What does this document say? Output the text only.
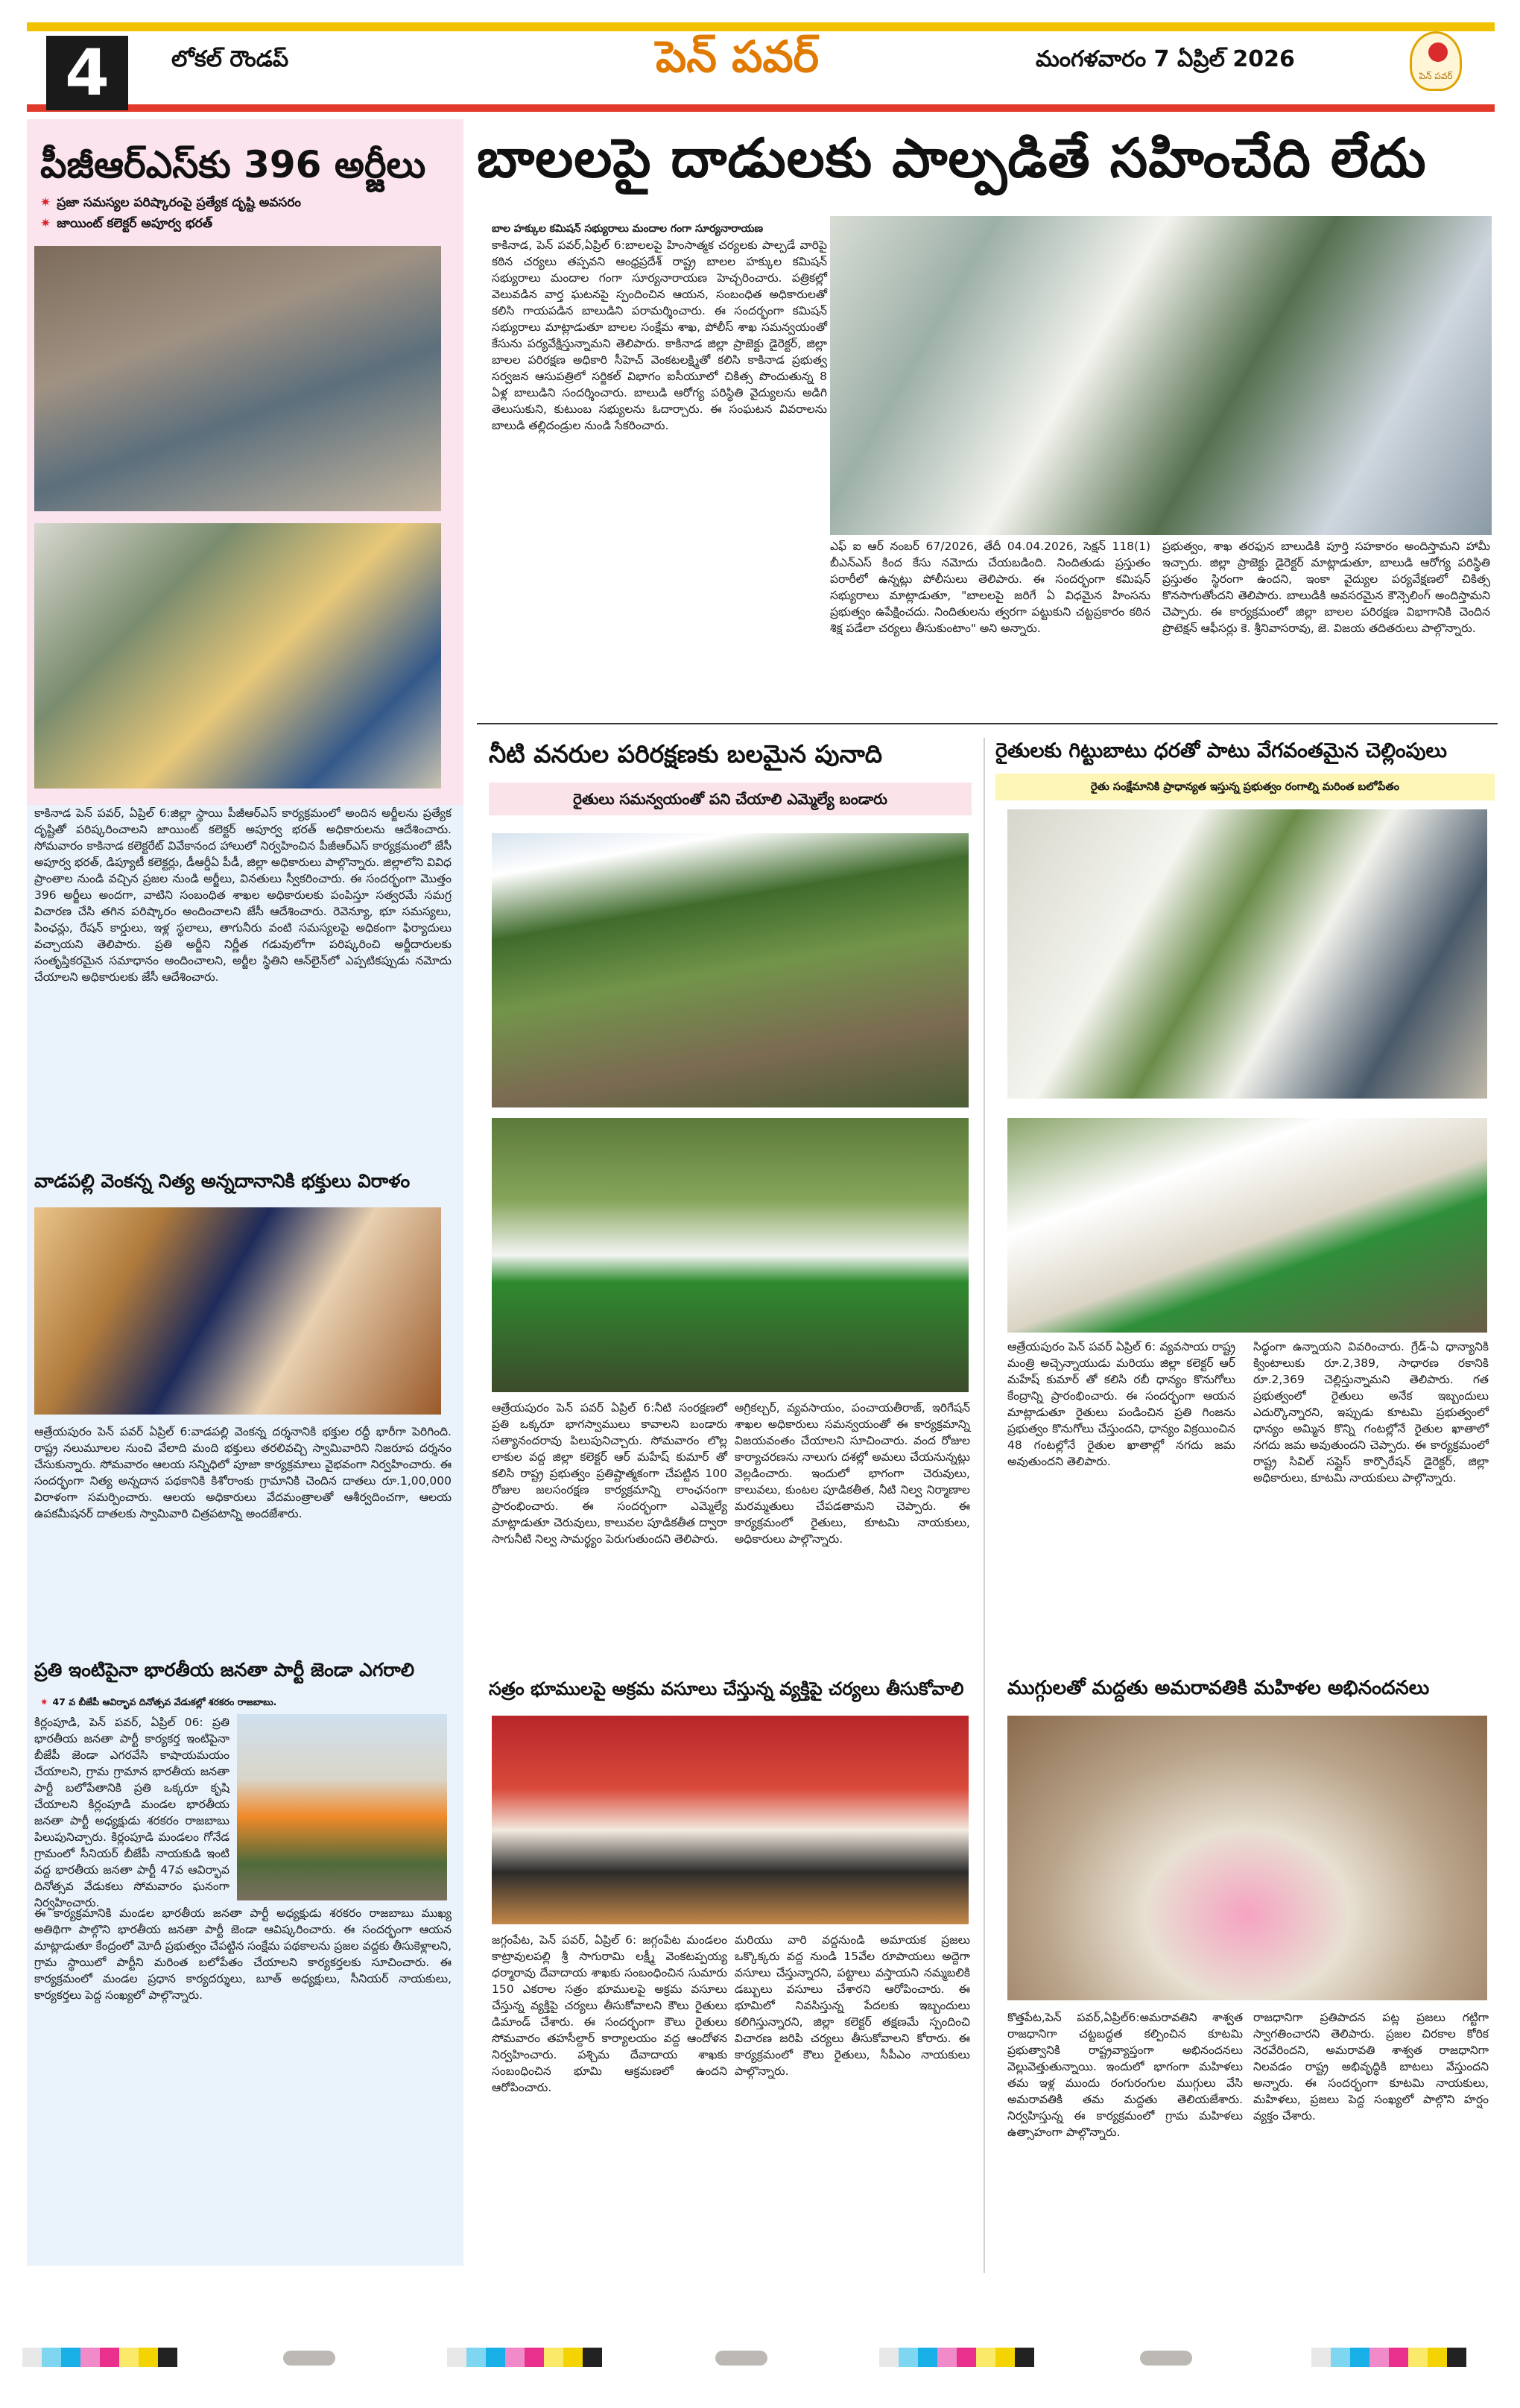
4	లోకల్ రౌండప్	పెన్ పవర్	మంగళవారం 7 ఏప్రిల్ 2026
పెన్ పవర్
పీజీఆర్ఎస్‌కు 396 అర్జీలు
✷ ప్రజా సమస్యల పరిష్కారంపై ప్రత్యేక దృష్టి అవసరం
✷ జాయింట్ కలెక్టర్ అపూర్వ భరత్
కాకినాడ పెన్ పవర్, ఏప్రిల్ 6:జిల్లా స్థాయి పీజీఆర్ఎస్ కార్యక్రమంలో అందిన అర్జీలను ప్రత్యేక దృష్టితో పరిష్కరించాలని జాయింట్ కలెక్టర్ అపూర్వ భరత్ అధికారులను ఆదేశించారు. సోమవారం కాకినాడ కలెక్టరేట్ వివేకానంద హాలులో నిర్వహించిన పీజీఆర్ఎస్ కార్యక్రమంలో జేసీ అపూర్వ భరత్, డిప్యూటీ కలెక్టర్లు, డీఆర్డీఏ పీడీ, జిల్లా అధికారులు పాల్గొన్నారు. జిల్లాలోని వివిధ ప్రాంతాల నుండి వచ్చిన ప్రజల నుండి అర్జీలు, వినతులు స్వీకరించారు. ఈ సందర్భంగా మొత్తం 396 అర్జీలు అందగా, వాటిని సంబంధిత శాఖల అధికారులకు పంపిస్తూ సత్వరమే సమగ్ర విచారణ చేసి తగిన పరిష్కారం అందించాలని జేసీ ఆదేశించారు. రెవెన్యూ, భూ సమస్యలు, పింఛన్లు, రేషన్ కార్డులు, ఇళ్ల స్థలాలు, తాగునీరు వంటి సమస్యలపై అధికంగా ఫిర్యాదులు వచ్చాయని తెలిపారు. ప్రతి అర్జీని నిర్ణీత గడువులోగా పరిష్కరించి అర్జీదారులకు సంతృప్తికరమైన సమాధానం అందించాలని, అర్జీల స్థితిని ఆన్‌లైన్‌లో ఎప్పటికప్పుడు నమోదు చేయాలని అధికారులకు జేసీ ఆదేశించారు.
వాడపల్లి వెంకన్న నిత్య అన్నదానానికి భక్తులు విరాళం
ఆత్రేయపురం పెన్ పవర్ ఏప్రిల్ 6:వాడపల్లి వెంకన్న దర్శనానికి భక్తుల రద్దీ భారీగా పెరిగింది. రాష్ట్ర నలుమూలల నుంచి వేలాది మంది భక్తులు తరలివచ్చి స్వామివారిని నిజరూప దర్శనం చేసుకున్నారు. సోమవారం ఆలయ సన్నిధిలో పూజా కార్యక్రమాలు వైభవంగా నిర్వహించారు. ఈ సందర్భంగా నిత్య అన్నదాన పథకానికి కిశోరాంకు గ్రామానికి చెందిన దాతలు రూ.1,00,000 విరాళంగా సమర్పించారు. ఆలయ అధికారులు వేదమంత్రాలతో ఆశీర్వదించగా, ఆలయ ఉపకమీషనర్ దాతలకు స్వామివారి చిత్రపటాన్ని అందజేశారు.
ప్రతి ఇంటిపైనా భారతీయ జనతా పార్టీ జెండా ఎగరాలి
✷ 47 వ బీజేపీ ఆవిర్భావ దినోత్సవ వేడుకల్లో శరకరం రాజబాబు.
కిర్లంపూడి, పెన్ పవర్, ఏప్రిల్ 06: ప్రతి భారతీయ జనతా పార్టీ కార్యకర్త ఇంటిపైనా బీజేపీ జెండా ఎగరవేసి కాషాయమయం చేయాలని, గ్రామ గ్రామాన భారతీయ జనతా పార్టీ బలోపేతానికి ప్రతి ఒక్కరూ కృషి చేయాలని కిర్లంపూడి మండల భారతీయ జనతా పార్టీ అధ్యక్షుడు శరకరం రాజబాబు పిలుపునిచ్చారు. కిర్లంపూడి మండలం గోనేడ గ్రామంలో సీనియర్ బీజేపీ నాయకుడి ఇంటి వద్ద భారతీయ జనతా పార్టీ 47వ ఆవిర్భావ దినోత్సవ వేడుకలు సోమవారం ఘనంగా నిర్వహించారు.
ఈ కార్యక్రమానికి మండల భారతీయ జనతా పార్టీ అధ్యక్షుడు శరకరం రాజబాబు ముఖ్య అతిథిగా పాల్గొని భారతీయ జనతా పార్టీ జెండా ఆవిష్కరించారు. ఈ సందర్భంగా ఆయన మాట్లాడుతూ కేంద్రంలో మోదీ ప్రభుత్వం చేపట్టిన సంక్షేమ పథకాలను ప్రజల వద్దకు తీసుకెళ్లాలని, గ్రామ స్థాయిలో పార్టీని మరింత బలోపేతం చేయాలని కార్యకర్తలకు సూచించారు. ఈ కార్యక్రమంలో మండల ప్రధాన కార్యదర్శులు, బూత్ అధ్యక్షులు, సీనియర్ నాయకులు, కార్యకర్తలు పెద్ద సంఖ్యలో పాల్గొన్నారు.
బాలలపై దాడులకు పాల్పడితే సహించేది లేదు
బాల హక్కుల కమిషన్ సభ్యురాలు మందాల గంగా సూర్యనారాయణ
కాకినాడ, పెన్ పవర్,ఏప్రిల్ 6:బాలలపై హింసాత్మక చర్యలకు పాల్పడే వారిపై కఠిన చర్యలు తప్పవని ఆంధ్రప్రదేశ్ రాష్ట్ర బాలల హక్కుల కమిషన్ సభ్యురాలు మందాల గంగా సూర్యనారాయణ హెచ్చరించారు. పత్రికల్లో వెలువడిన వార్త ఘటనపై స్పందించిన ఆయన, సంబంధిత అధికారులతో కలిసి గాయపడిన బాలుడిని పరామర్శించారు. ఈ సందర్భంగా కమిషన్ సభ్యురాలు మాట్లాడుతూ బాలల సంక్షేమ శాఖ, పోలీస్ శాఖ సమన్వయంతో కేసును పర్యవేక్షిస్తున్నామని తెలిపారు. కాకినాడ జిల్లా ప్రాజెక్టు డైరెక్టర్, జిల్లా బాలల పరిరక్షణ అధికారి సీహెచ్ వెంకటలక్ష్మితో కలిసి కాకినాడ ప్రభుత్వ సర్వజన ఆసుపత్రిలో సర్జికల్ విభాగం ఐసీయూలో చికిత్స పొందుతున్న 8 ఏళ్ల బాలుడిని సందర్శించారు. బాలుడి ఆరోగ్య పరిస్థితి వైద్యులను అడిగి తెలుసుకుని, కుటుంబ సభ్యులను ఓదార్చారు. ఈ సంఘటన వివరాలను బాలుడి తల్లిదండ్రుల నుండి సేకరించారు.
ఎఫ్ ఐ ఆర్ నంబర్ 67/2026, తేదీ 04.04.2026, సెక్షన్ 118(1) బీఎన్ఎస్ కింద కేసు నమోదు చేయబడింది. నిందితుడు ప్రస్తుతం పరారీలో ఉన్నట్లు పోలీసులు తెలిపారు. ఈ సందర్భంగా కమిషన్ సభ్యురాలు మాట్లాడుతూ, "బాలలపై జరిగే ఏ విధమైన హింసను ప్రభుత్వం ఉపేక్షించదు. నిందితులను త్వరగా పట్టుకుని చట్టప్రకారం కఠిన శిక్ష పడేలా చర్యలు తీసుకుంటాం" అని అన్నారు.
ప్రభుత్వం, శాఖ తరఫున బాలుడికి పూర్తి సహకారం అందిస్తామని హామీ ఇచ్చారు. జిల్లా ప్రాజెక్టు డైరెక్టర్ మాట్లాడుతూ, బాలుడి ఆరోగ్య పరిస్థితి ప్రస్తుతం స్థిరంగా ఉందని, ఇంకా వైద్యుల పర్యవేక్షణలో చికిత్స కొనసాగుతోందని తెలిపారు. బాలుడికి అవసరమైన కౌన్సెలింగ్ అందిస్తామని చెప్పారు. ఈ కార్యక్రమంలో జిల్లా బాలల పరిరక్షణ విభాగానికి చెందిన ప్రొటెక్షన్ ఆఫీసర్లు కె. శ్రీనివాసరావు, జె. విజయ తదితరులు పాల్గొన్నారు.
నీటి వనరుల పరిరక్షణకు బలమైన పునాది
రైతులు సమన్వయంతో పని చేయాలి ఎమ్మెల్యే బండారు
ఆత్రేయపురం పెన్ పవర్ ఏప్రిల్ 6:నీటి సంరక్షణలో ప్రతి ఒక్కరూ భాగస్వాములు కావాలని బండారు సత్యానందరావు పిలుపునిచ్చారు. సోమవారం లొల్ల లాకుల వద్ద జిల్లా కలెక్టర్ ఆర్ మహేష్ కుమార్ తో కలిసి రాష్ట్ర ప్రభుత్వం ప్రతిష్టాత్మకంగా చేపట్టిన 100 రోజుల జలసంరక్షణ కార్యక్రమాన్ని లాంఛనంగా ప్రారంభించారు. ఈ సందర్భంగా ఎమ్మెల్యే మాట్లాడుతూ చెరువులు, కాలువల పూడికతీత ద్వారా సాగునీటి నిల్వ సామర్థ్యం పెరుగుతుందని తెలిపారు.
అగ్రికల్చర్, వ్యవసాయం, పంచాయతీరాజ్, ఇరిగేషన్ శాఖల అధికారులు సమన్వయంతో ఈ కార్యక్రమాన్ని విజయవంతం చేయాలని సూచించారు. వంద రోజుల కార్యాచరణను నాలుగు దశల్లో అమలు చేయనున్నట్లు వెల్లడించారు. ఇందులో భాగంగా చెరువులు, కాలువలు, కుంటల పూడికతీత, నీటి నిల్వ నిర్మాణాల మరమ్మతులు చేపడతామని చెప్పారు. ఈ కార్యక్రమంలో రైతులు, కూటమి నాయకులు, అధికారులు పాల్గొన్నారు.
సత్రం భూములపై అక్రమ వసూలు చేస్తున్న వ్యక్తిపై చర్యలు తీసుకోవాలి
జగ్గంపేట, పెన్ పవర్, ఏప్రిల్ 6: జగ్గంపేట మండలం కాట్రావులపల్లి శ్రీ సాగురామి లక్ష్మీ వెంకటప్పయ్య ధర్మారావు దేవాదాయ శాఖకు సంబంధించిన సుమారు 150 ఎకరాల సత్రం భూములపై అక్రమ వసూలు చేస్తున్న వ్యక్తిపై చర్యలు తీసుకోవాలని కౌలు రైతులు డిమాండ్ చేశారు. ఈ సందర్భంగా కౌలు రైతులు సోమవారం తహసీల్దార్ కార్యాలయం వద్ద ఆందోళన నిర్వహించారు. పశ్చిమ దేవాదాయ శాఖకు సంబంధించిన భూమి ఆక్రమణలో ఉందని ఆరోపించారు.
మరియు వారి వద్దనుండి అమాయక ప్రజలు ఒక్కొక్కరు వద్ద నుండి 15వేల రూపాయలు అద్దెగా వసూలు చేస్తున్నారని, పట్టాలు వస్తాయని నమ్మబలికి డబ్బులు వసూలు చేశారని ఆరోపించారు. ఈ భూమిలో నివసిస్తున్న పేదలకు ఇబ్బందులు కలిగిస్తున్నారని, జిల్లా కలెక్టర్ తక్షణమే స్పందించి విచారణ జరిపి చర్యలు తీసుకోవాలని కోరారు. ఈ కార్యక్రమంలో కౌలు రైతులు, సీపీఎం నాయకులు పాల్గొన్నారు.
రైతులకు గిట్టుబాటు ధరతో పాటు వేగవంతమైన చెల్లింపులు
రైతు సంక్షేమానికి ప్రాధాన్యత ఇస్తున్న ప్రభుత్వం రంగాల్ని మరింత బలోపేతం
ఆత్రేయపురం పెన్ పవర్ ఏప్రిల్ 6: వ్యవసాయ రాష్ట్ర మంత్రి అచ్చెన్నాయుడు మరియు జిల్లా కలెక్టర్ ఆర్ మహేష్ కుమార్ తో కలిసి రబీ ధాన్యం కొనుగోలు కేంద్రాన్ని ప్రారంభించారు. ఈ సందర్భంగా ఆయన మాట్లాడుతూ రైతులు పండించిన ప్రతి గింజను ప్రభుత్వం కొనుగోలు చేస్తుందని, ధాన్యం విక్రయించిన 48 గంటల్లోనే రైతుల ఖాతాల్లో నగదు జమ అవుతుందని తెలిపారు.
సిద్ధంగా ఉన్నాయని వివరించారు. గ్రేడ్-ఏ ధాన్యానికి క్వింటాలుకు రూ.2,389, సాధారణ రకానికి రూ.2,369 చెల్లిస్తున్నామని తెలిపారు. గత ప్రభుత్వంలో రైతులు అనేక ఇబ్బందులు ఎదుర్కొన్నారని, ఇప్పుడు కూటమి ప్రభుత్వంలో ధాన్యం అమ్మిన కొన్ని గంటల్లోనే రైతుల ఖాతాలో నగదు జమ అవుతుందని చెప్పారు. ఈ కార్యక్రమంలో రాష్ట్ర సివిల్ సప్లైస్ కార్పొరేషన్ డైరెక్టర్, జిల్లా అధికారులు, కూటమి నాయకులు పాల్గొన్నారు.
ముగ్గులతో మద్దతు అమరావతికి మహిళల అభినందనలు
కొత్తపేట,పెన్ పవర్,ఏప్రిల్6:అమరావతిని శాశ్వత రాజధానిగా చట్టబద్ధత కల్పించిన కూటమి ప్రభుత్వానికి రాష్ట్రవ్యాప్తంగా అభినందనలు వెల్లువెత్తుతున్నాయి. ఇందులో భాగంగా మహిళలు తమ ఇళ్ల ముందు రంగురంగుల ముగ్గులు వేసి అమరావతికి తమ మద్దతు తెలియజేశారు. నిర్వహిస్తున్న ఈ కార్యక్రమంలో గ్రామ మహిళలు ఉత్సాహంగా పాల్గొన్నారు.
రాజధానిగా ప్రతిపాదన పట్ల ప్రజలు గట్టిగా స్వాగతించారని తెలిపారు. ప్రజల చిరకాల కోరిక నెరవేరిందని, అమరావతి శాశ్వత రాజధానిగా నిలవడం రాష్ట్ర అభివృద్ధికి బాటలు వేస్తుందని అన్నారు. ఈ సందర్భంగా కూటమి నాయకులు, మహిళలు, ప్రజలు పెద్ద సంఖ్యలో పాల్గొని హర్షం వ్యక్తం చేశారు.
